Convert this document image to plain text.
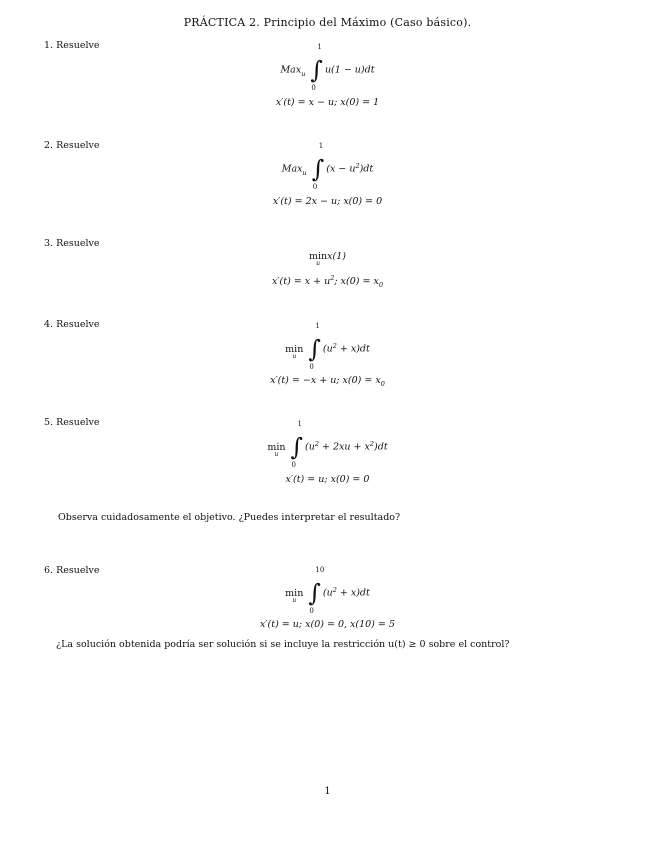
PRÁCTICA 2. Principio del Máximo (Caso básico).
1. Resuelve
Max$_u$ ∫
1
0
u(1 − u)dt
x′(t) = x − u; x(0) = 1
2. Resuelve
Max$_u$ ∫
1
0
$(x - u^2)dt$
x′(t) = 2x − u; x(0) = 0
3. Resuelve
min
u
x(1)
$x'(t) = x + u^2$; $x(0) = x_0$
4. Resuelve
min
u ∫
1
0
$(u^2 + x)dt$
x′(t) = −x + u; $x(0) = x_0$
5. Resuelve
min
u ∫
1
0
$(u^2 + 2xu + x^2)dt$
x′(t) = u; x(0) = 0
Observa cuidadosamente el objetivo. ¿Puedes interpretar el resultado?
6. Resuelve
min
u ∫
10
0
$(u^2 + x)dt$
x′(t) = u; x(0) = 0, x(10) = 5
¿La solución obtenida podría ser solución si se incluye la restricción u(t) ≥ 0 sobre el control?
1
